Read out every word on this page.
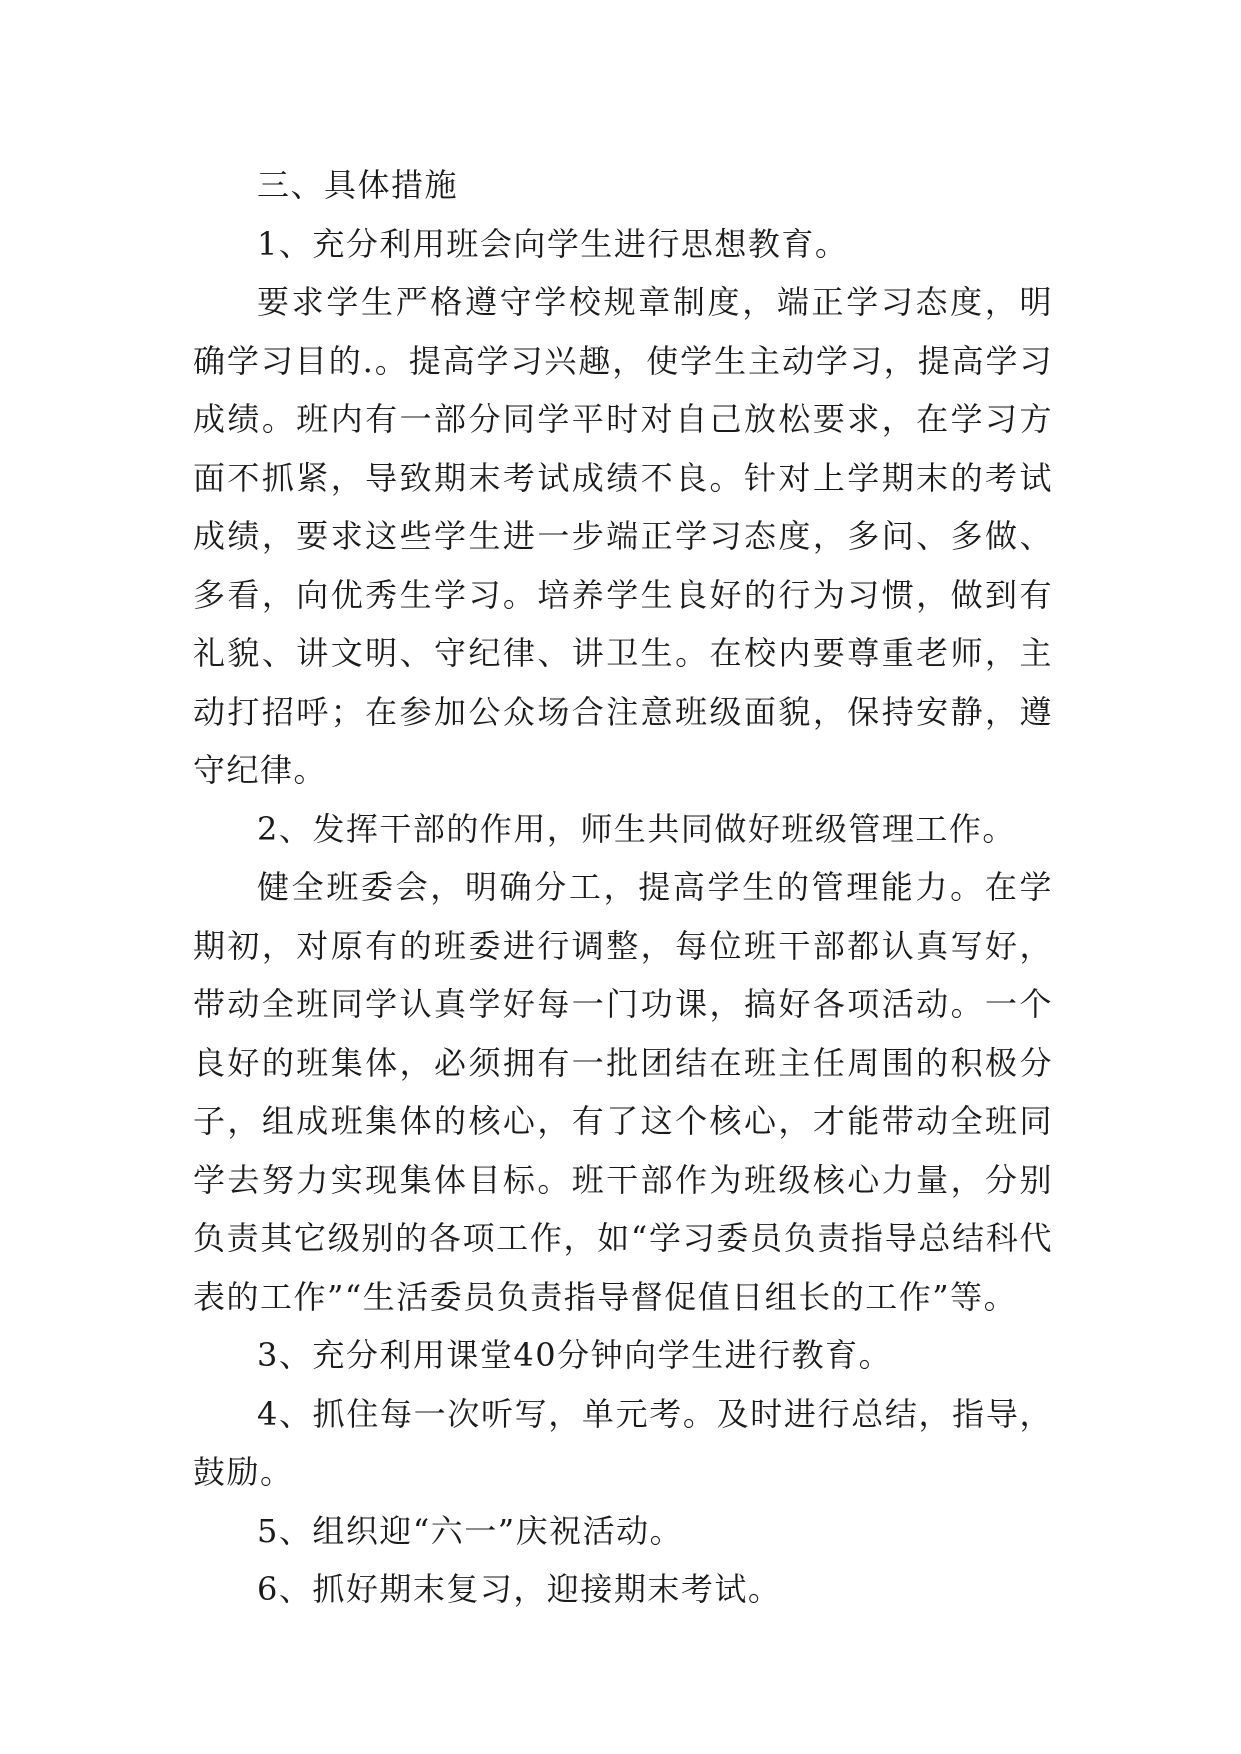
三、具体措施

1、充分利用班会向学生进行思想教育。

要求学生严格遵守学校规章制度，端正学习态度，明确学习目的.。提高学习兴趣，使学生主动学习，提高学习成绩。班内有一部分同学平时对自己放松要求，在学习方面不抓紧，导致期末考试成绩不良。针对上学期末的考试成绩，要求这些学生进一步端正学习态度，多问、多做、多看，向优秀生学习。培养学生良好的行为习惯，做到有礼貌、讲文明、守纪律、讲卫生。在校内要尊重老师，主动打招呼；在参加公众场合注意班级面貌，保持安静，遵守纪律。

2、发挥干部的作用，师生共同做好班级管理工作。

健全班委会，明确分工，提高学生的管理能力。在学期初，对原有的班委进行调整，每位班干部都认真写好，带动全班同学认真学好每一门功课，搞好各项活动。一个良好的班集体，必须拥有一批团结在班主任周围的积极分子，组成班集体的核心，有了这个核心，才能带动全班同学去努力实现集体目标。班干部作为班级核心力量，分别负责其它级别的各项工作，如“学习委员负责指导总结科代表的工作”“生活委员负责指导督促值日组长的工作”等。

3、充分利用课堂40分钟向学生进行教育。

4、抓住每一次听写，单元考。及时进行总结，指导，鼓励。

5、组织迎“六一”庆祝活动。

6、抓好期末复习，迎接期末考试。
